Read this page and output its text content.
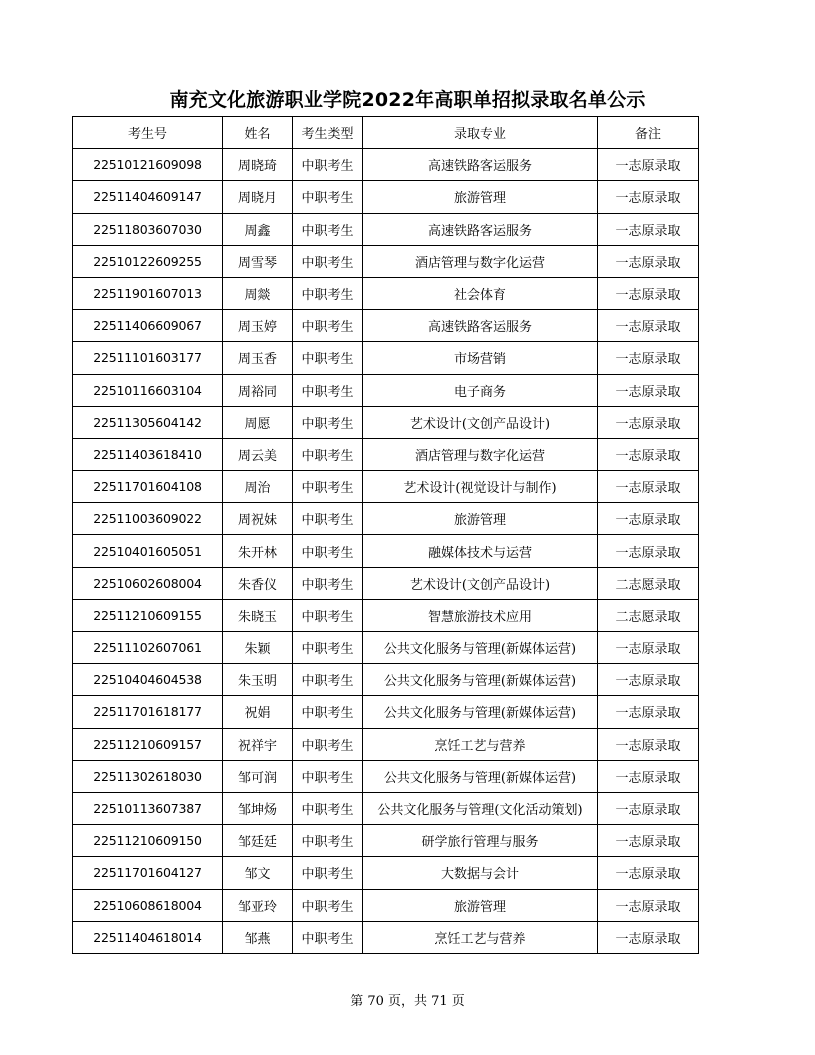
南充文化旅游职业学院2022年高职单招拟录取名单公示
考生号	姓名	考生类型	录取专业	备注
22510121609098	周晓琦	中职考生	高速铁路客运服务	一志原录取
22511404609147	周晓月	中职考生	旅游管理	一志原录取
22511803607030	周鑫	中职考生	高速铁路客运服务	一志原录取
22510122609255	周雪琴	中职考生	酒店管理与数字化运营	一志原录取
22511901607013	周燚	中职考生	社会体育	一志原录取
22511406609067	周玉婷	中职考生	高速铁路客运服务	一志原录取
22511101603177	周玉香	中职考生	市场营销	一志原录取
22510116603104	周裕同	中职考生	电子商务	一志原录取
22511305604142	周愿	中职考生	艺术设计(文创产品设计)	一志原录取
22511403618410	周云美	中职考生	酒店管理与数字化运营	一志原录取
22511701604108	周治	中职考生	艺术设计(视觉设计与制作)	一志原录取
22511003609022	周祝妹	中职考生	旅游管理	一志原录取
22510401605051	朱开林	中职考生	融媒体技术与运营	一志原录取
22510602608004	朱香仪	中职考生	艺术设计(文创产品设计)	二志愿录取
22511210609155	朱晓玉	中职考生	智慧旅游技术应用	二志愿录取
22511102607061	朱颖	中职考生	公共文化服务与管理(新媒体运营)	一志原录取
22510404604538	朱玉明	中职考生	公共文化服务与管理(新媒体运营)	一志原录取
22511701618177	祝娟	中职考生	公共文化服务与管理(新媒体运营)	一志原录取
22511210609157	祝祥宇	中职考生	烹饪工艺与营养	一志原录取
22511302618030	邹可润	中职考生	公共文化服务与管理(新媒体运营)	一志原录取
22510113607387	邹坤炀	中职考生	公共文化服务与管理(文化活动策划)	一志原录取
22511210609150	邹廷廷	中职考生	研学旅行管理与服务	一志原录取
22511701604127	邹文	中职考生	大数据与会计	一志原录取
22510608618004	邹亚玲	中职考生	旅游管理	一志原录取
22511404618014	邹燕	中职考生	烹饪工艺与营养	一志原录取
第 70 页，共 71 页
